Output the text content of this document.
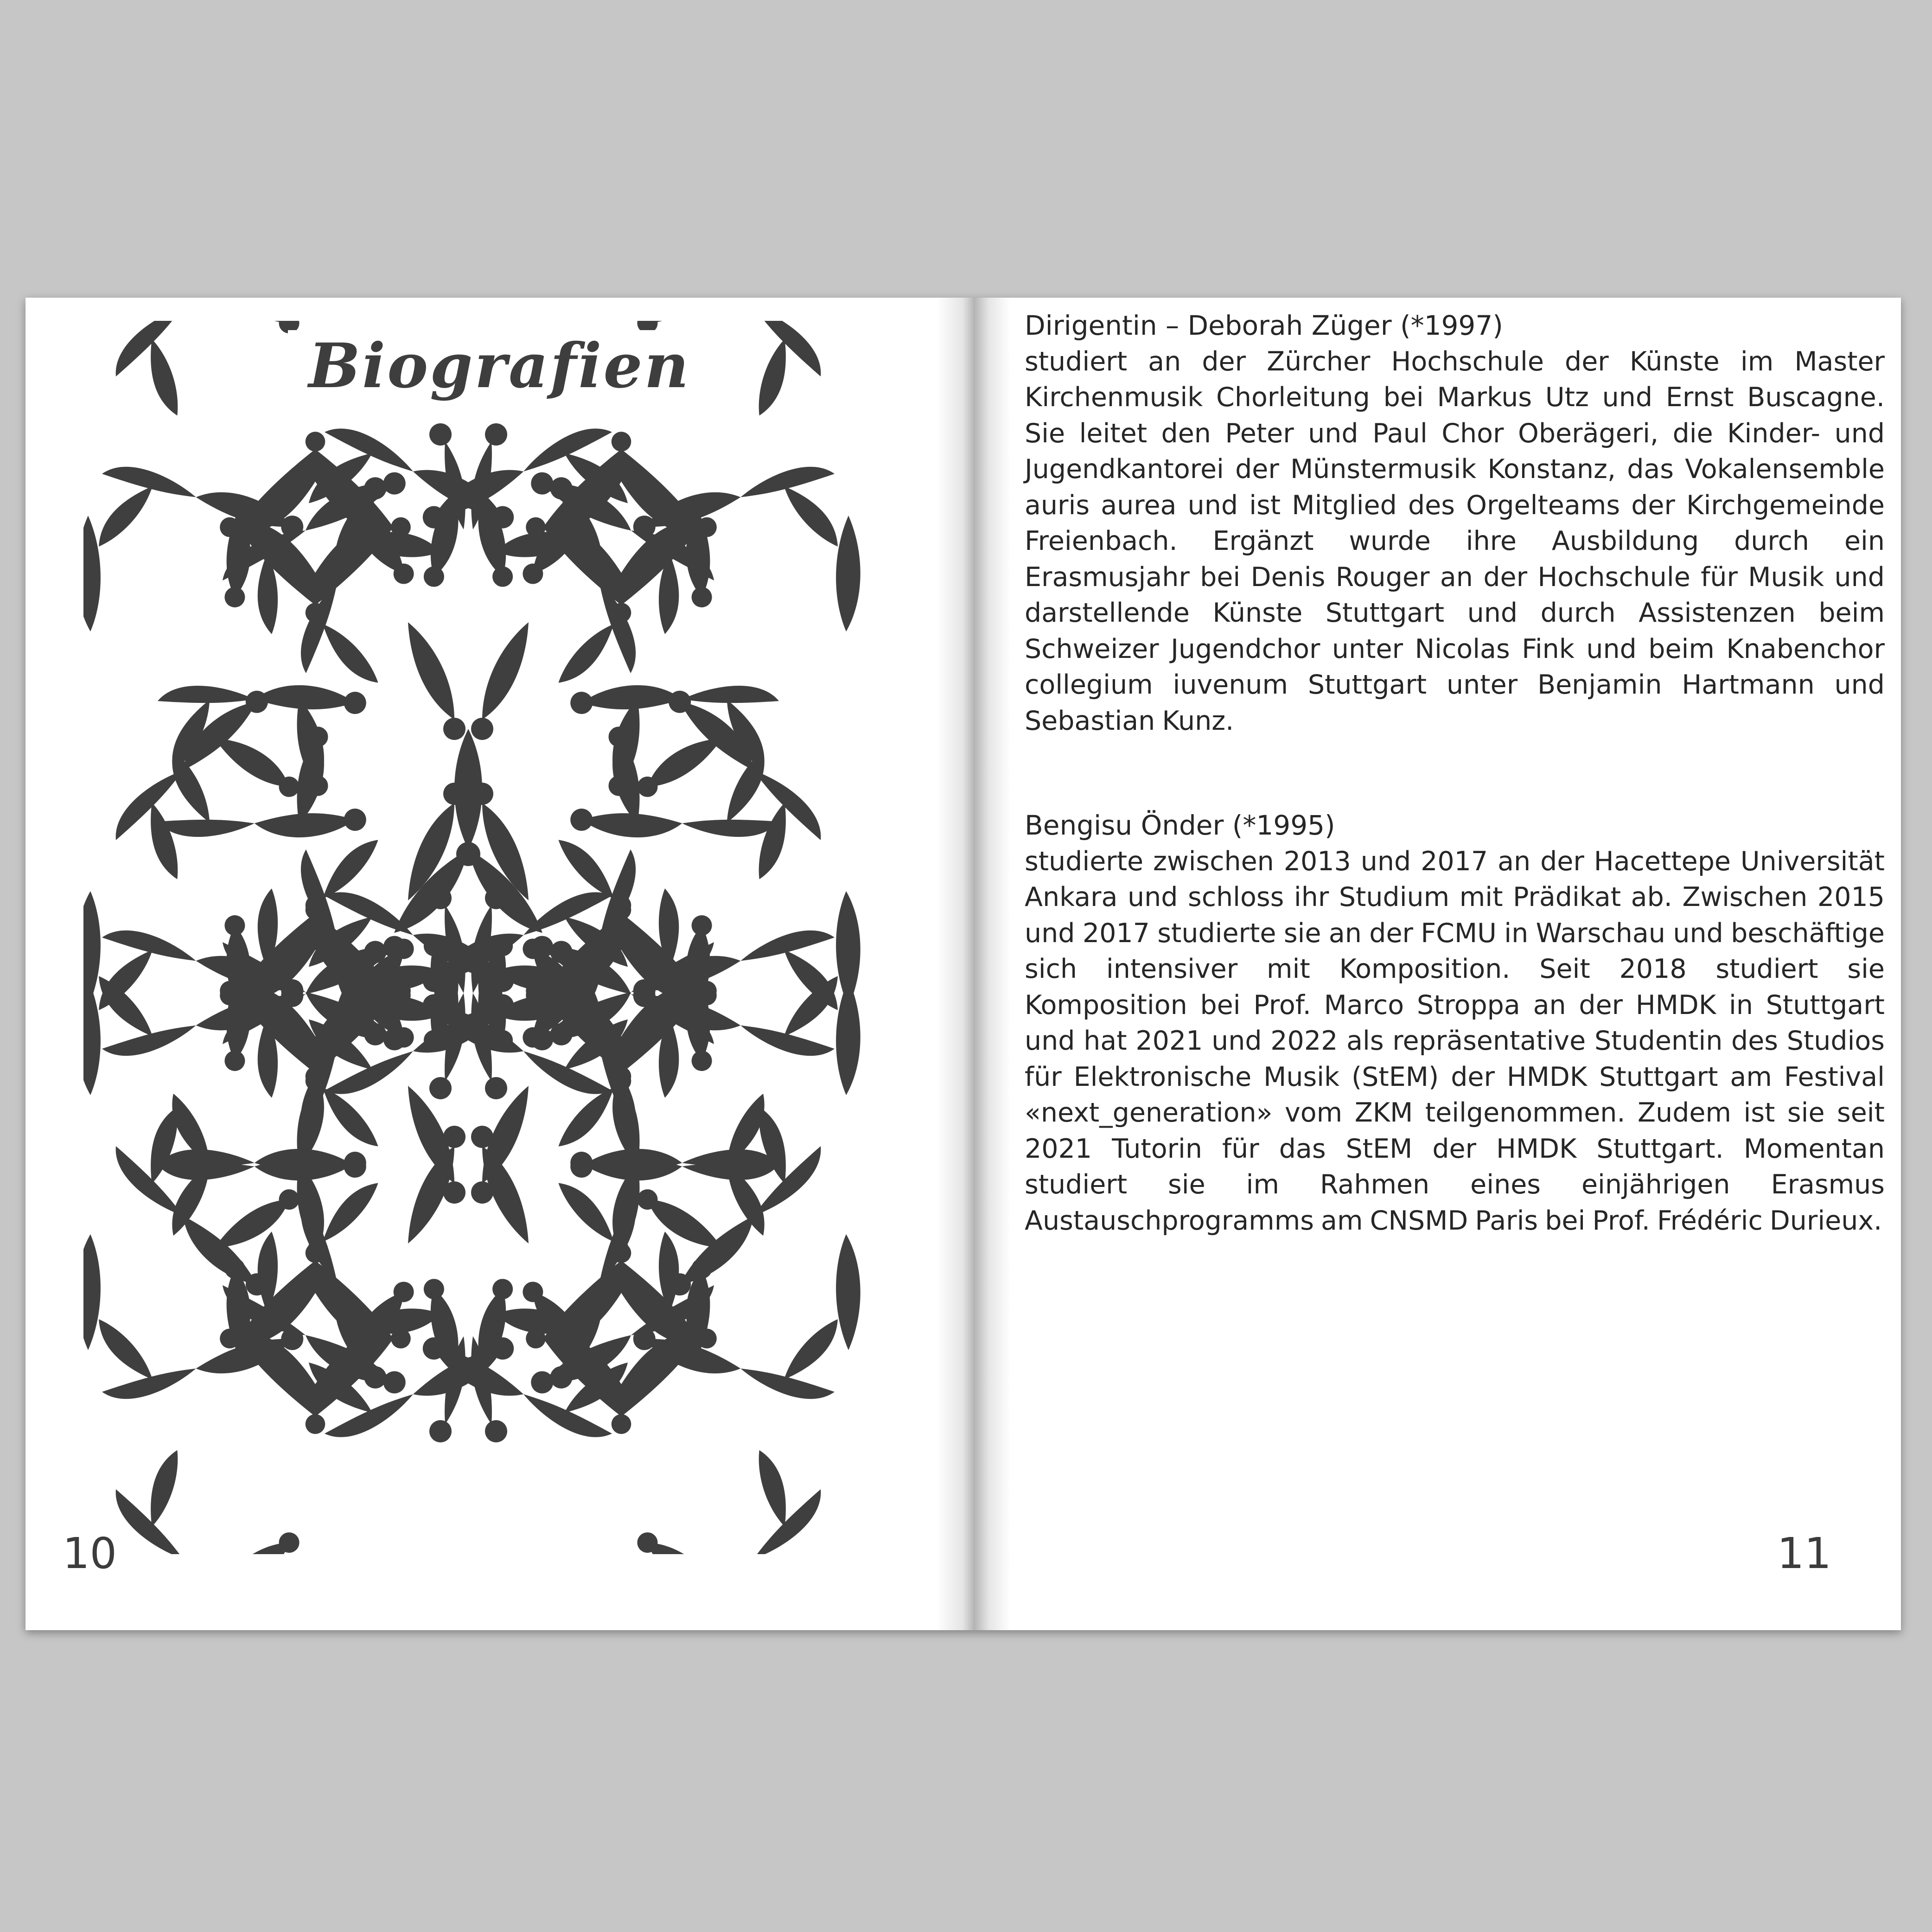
Biografien
10

Dirigentin – Deborah Züger (*1997)

studiert an der Zürcher Hochschule der Künste im Master Kirchenmusik Chorleitung bei Markus Utz und Ernst Buscagne. Sie leitet den Peter und Paul Chor Oberägeri, die Kinder- und Jugendkantorei der Münstermusik Konstanz, das Vokalensemble auris aurea und ist Mitglied des Orgelteams der Kirchgemeinde Freienbach. Ergänzt wurde ihre Ausbildung durch ein Erasmusjahr bei Denis Rouger an der Hochschule für Musik und darstellende Künste Stuttgart und durch Assistenzen beim Schweizer Jugendchor unter Nicolas Fink und beim Knabenchor collegium iuvenum Stuttgart unter Benjamin Hartmann und Sebastian Kunz.

Bengisu Önder (*1995)

studierte zwischen 2013 und 2017 an der Hacettepe Universität Ankara und schloss ihr Studium mit Prädikat ab. Zwischen 2015 und 2017 studierte sie an der FCMU in Warschau und beschäftige sich intensiver mit Komposition. Seit 2018 studiert sie Komposition bei Prof. Marco Stroppa an der HMDK in Stuttgart und hat 2021 und 2022 als repräsentative Studentin des Studios für Elektronische Musik (StEM) der HMDK Stuttgart am Festival «next_generation» vom ZKM teilgenommen. Zudem ist sie seit 2021 Tutorin für das StEM der HMDK Stuttgart. Momentan studiert sie im Rahmen eines einjährigen Erasmus Austauschprogramms am CNSMD Paris bei Prof. Frédéric Durieux.

11
